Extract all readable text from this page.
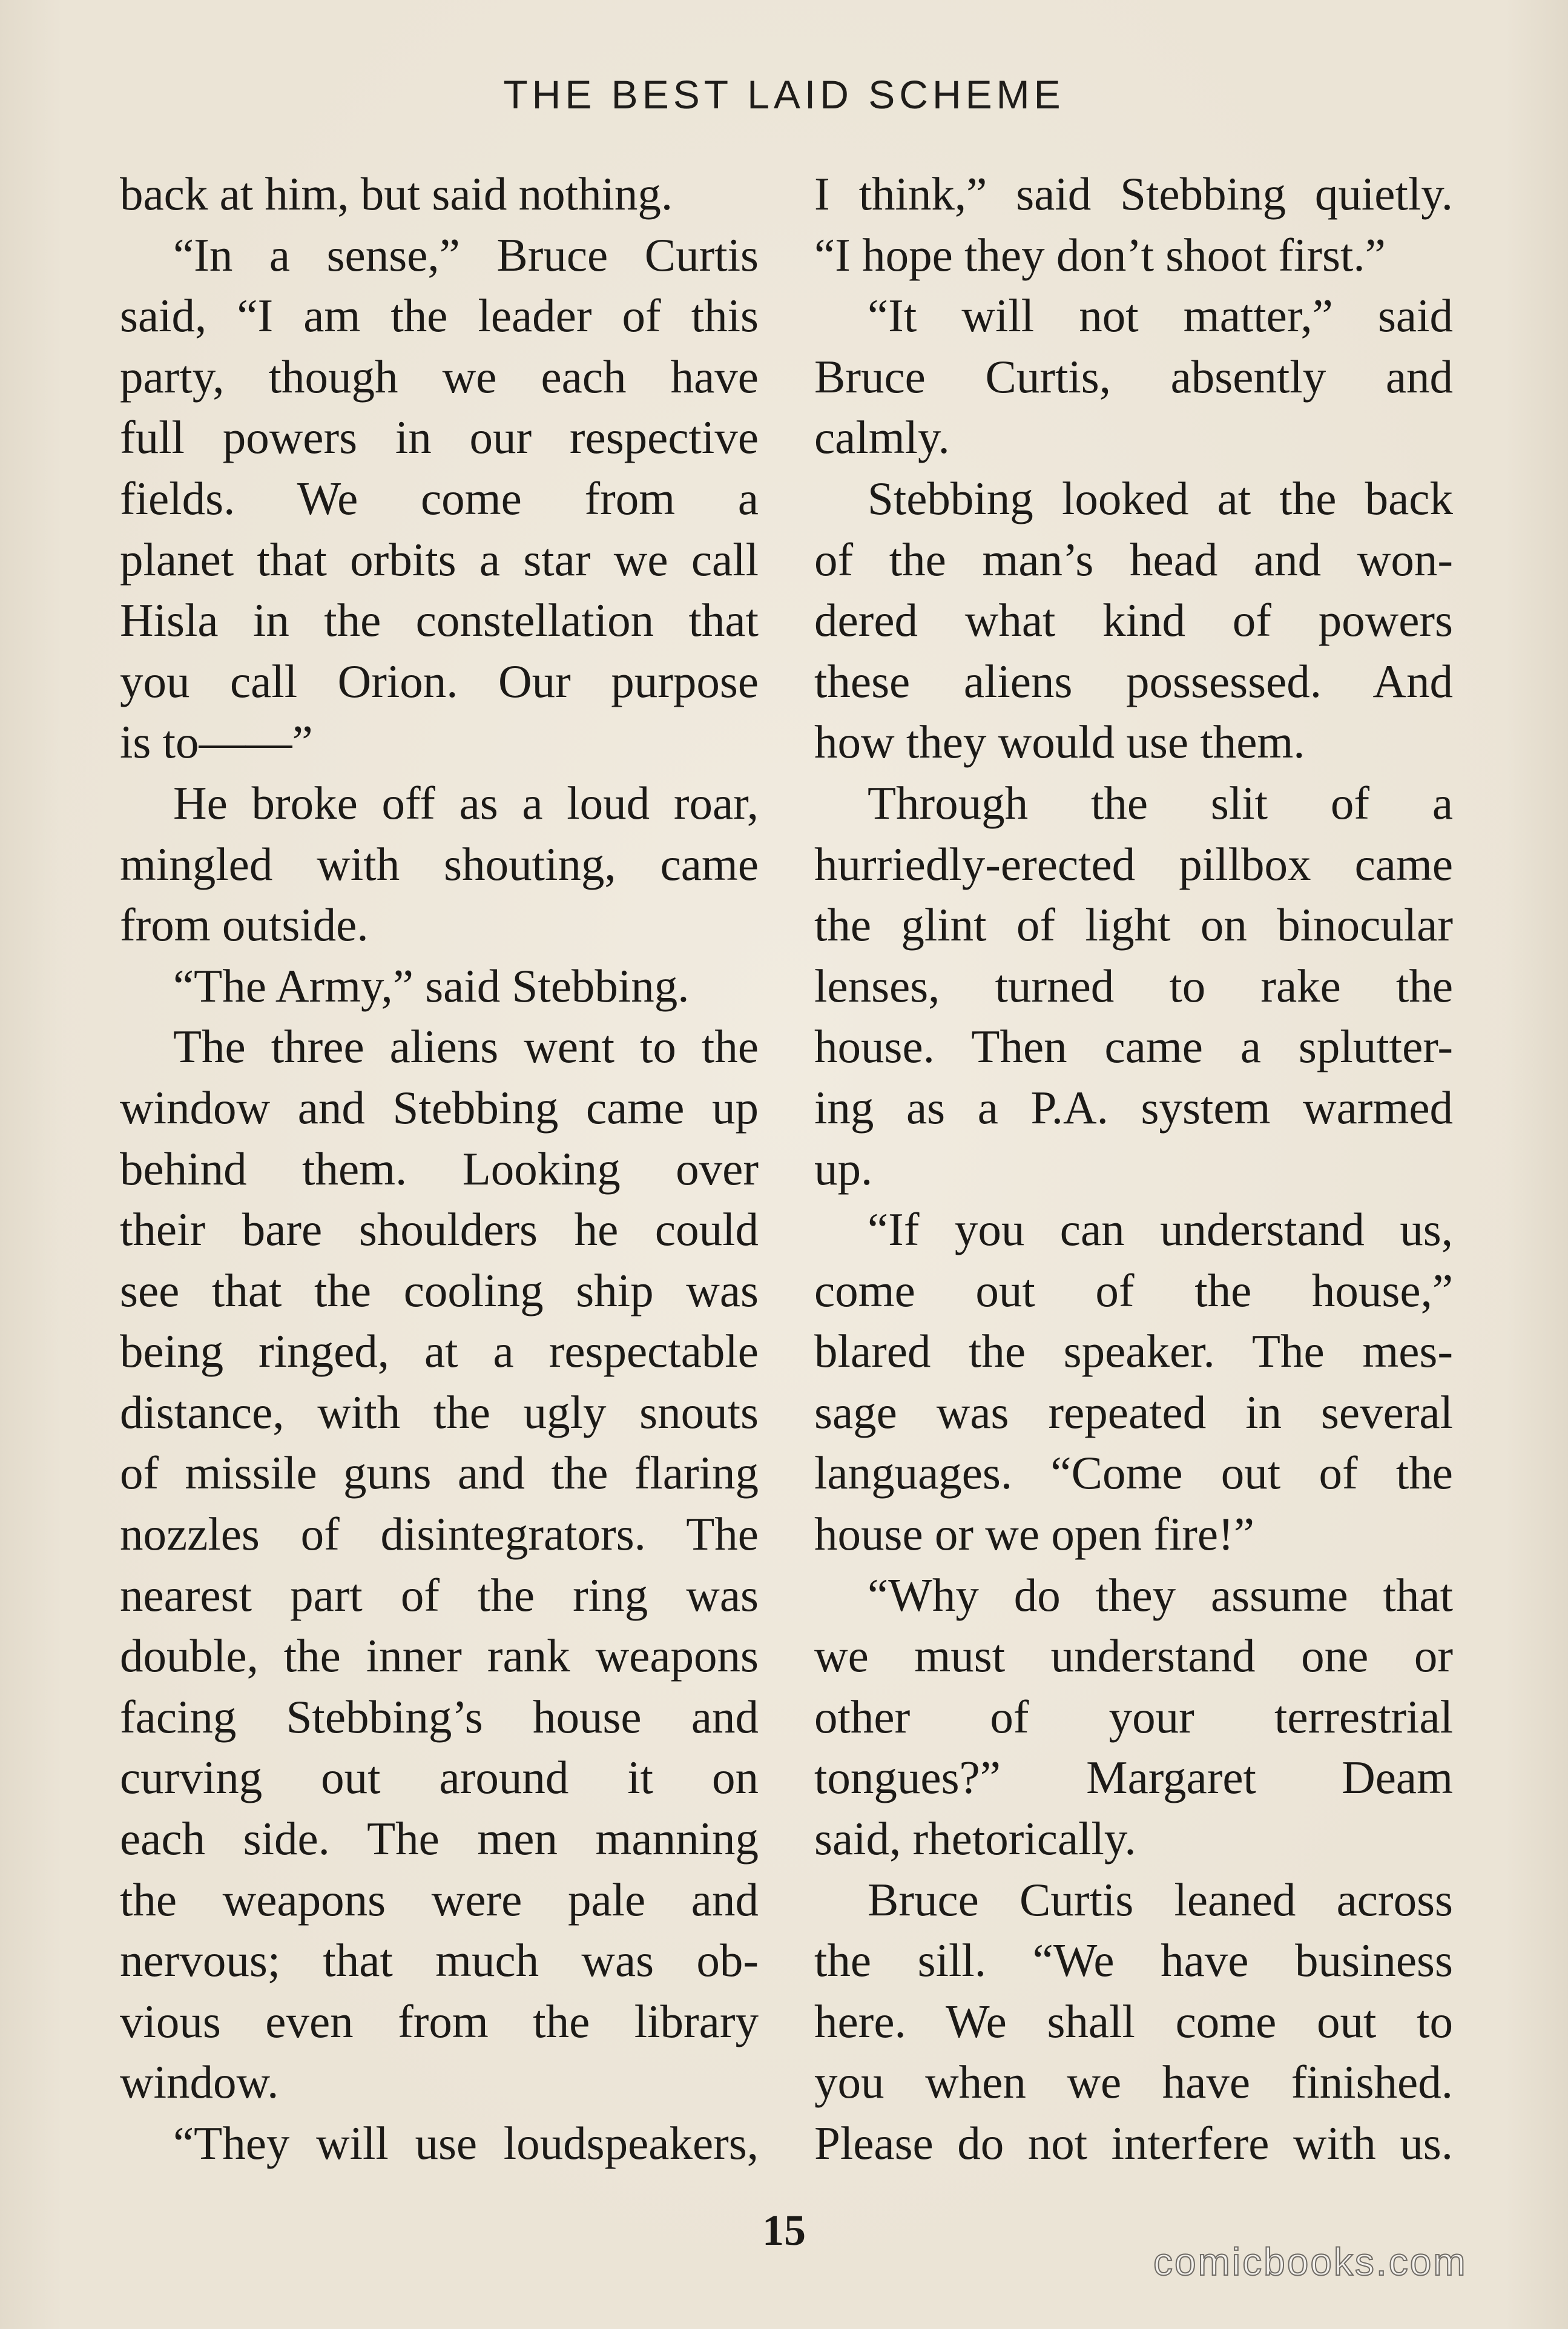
THE BEST LAID SCHEME
back at him, but said nothing.
“In a sense,” Bruce Curtis
said, “I am the leader of this
party, though we each have
full powers in our respective
fields. We come from a
planet that orbits a star we call
Hisla in the constellation that
you call Orion. Our purpose
is to——”
He broke off as a loud roar,
mingled with shouting, came
from outside.
“The Army,” said Stebbing.
The three aliens went to the
window and Stebbing came up
behind them. Looking over
their bare shoulders he could
see that the cooling ship was
being ringed, at a respectable
distance, with the ugly snouts
of missile guns and the flaring
nozzles of disintegrators. The
nearest part of the ring was
double, the inner rank weapons
facing Stebbing’s house and
curving out around it on
each side. The men manning
the weapons were pale and
nervous; that much was ob-
vious even from the library
window.
“They will use loudspeakers,
I think,” said Stebbing quietly.
“I hope they don’t shoot first.”
“It will not matter,” said
Bruce Curtis, absently and
calmly.
Stebbing looked at the back
of the man’s head and won-
dered what kind of powers
these aliens possessed. And
how they would use them.
Through the slit of a
hurriedly-erected pillbox came
the glint of light on binocular
lenses, turned to rake the
house. Then came a splutter-
ing as a P.A. system warmed
up.
“If you can understand us,
come out of the house,”
blared the speaker. The mes-
sage was repeated in several
languages. “Come out of the
house or we open fire!”
“Why do they assume that
we must understand one or
other of your terrestrial
tongues?” Margaret Deam
said, rhetorically.
Bruce Curtis leaned across
the sill. “We have business
here. We shall come out to
you when we have finished.
Please do not interfere with us.
15
comicbooks.com
